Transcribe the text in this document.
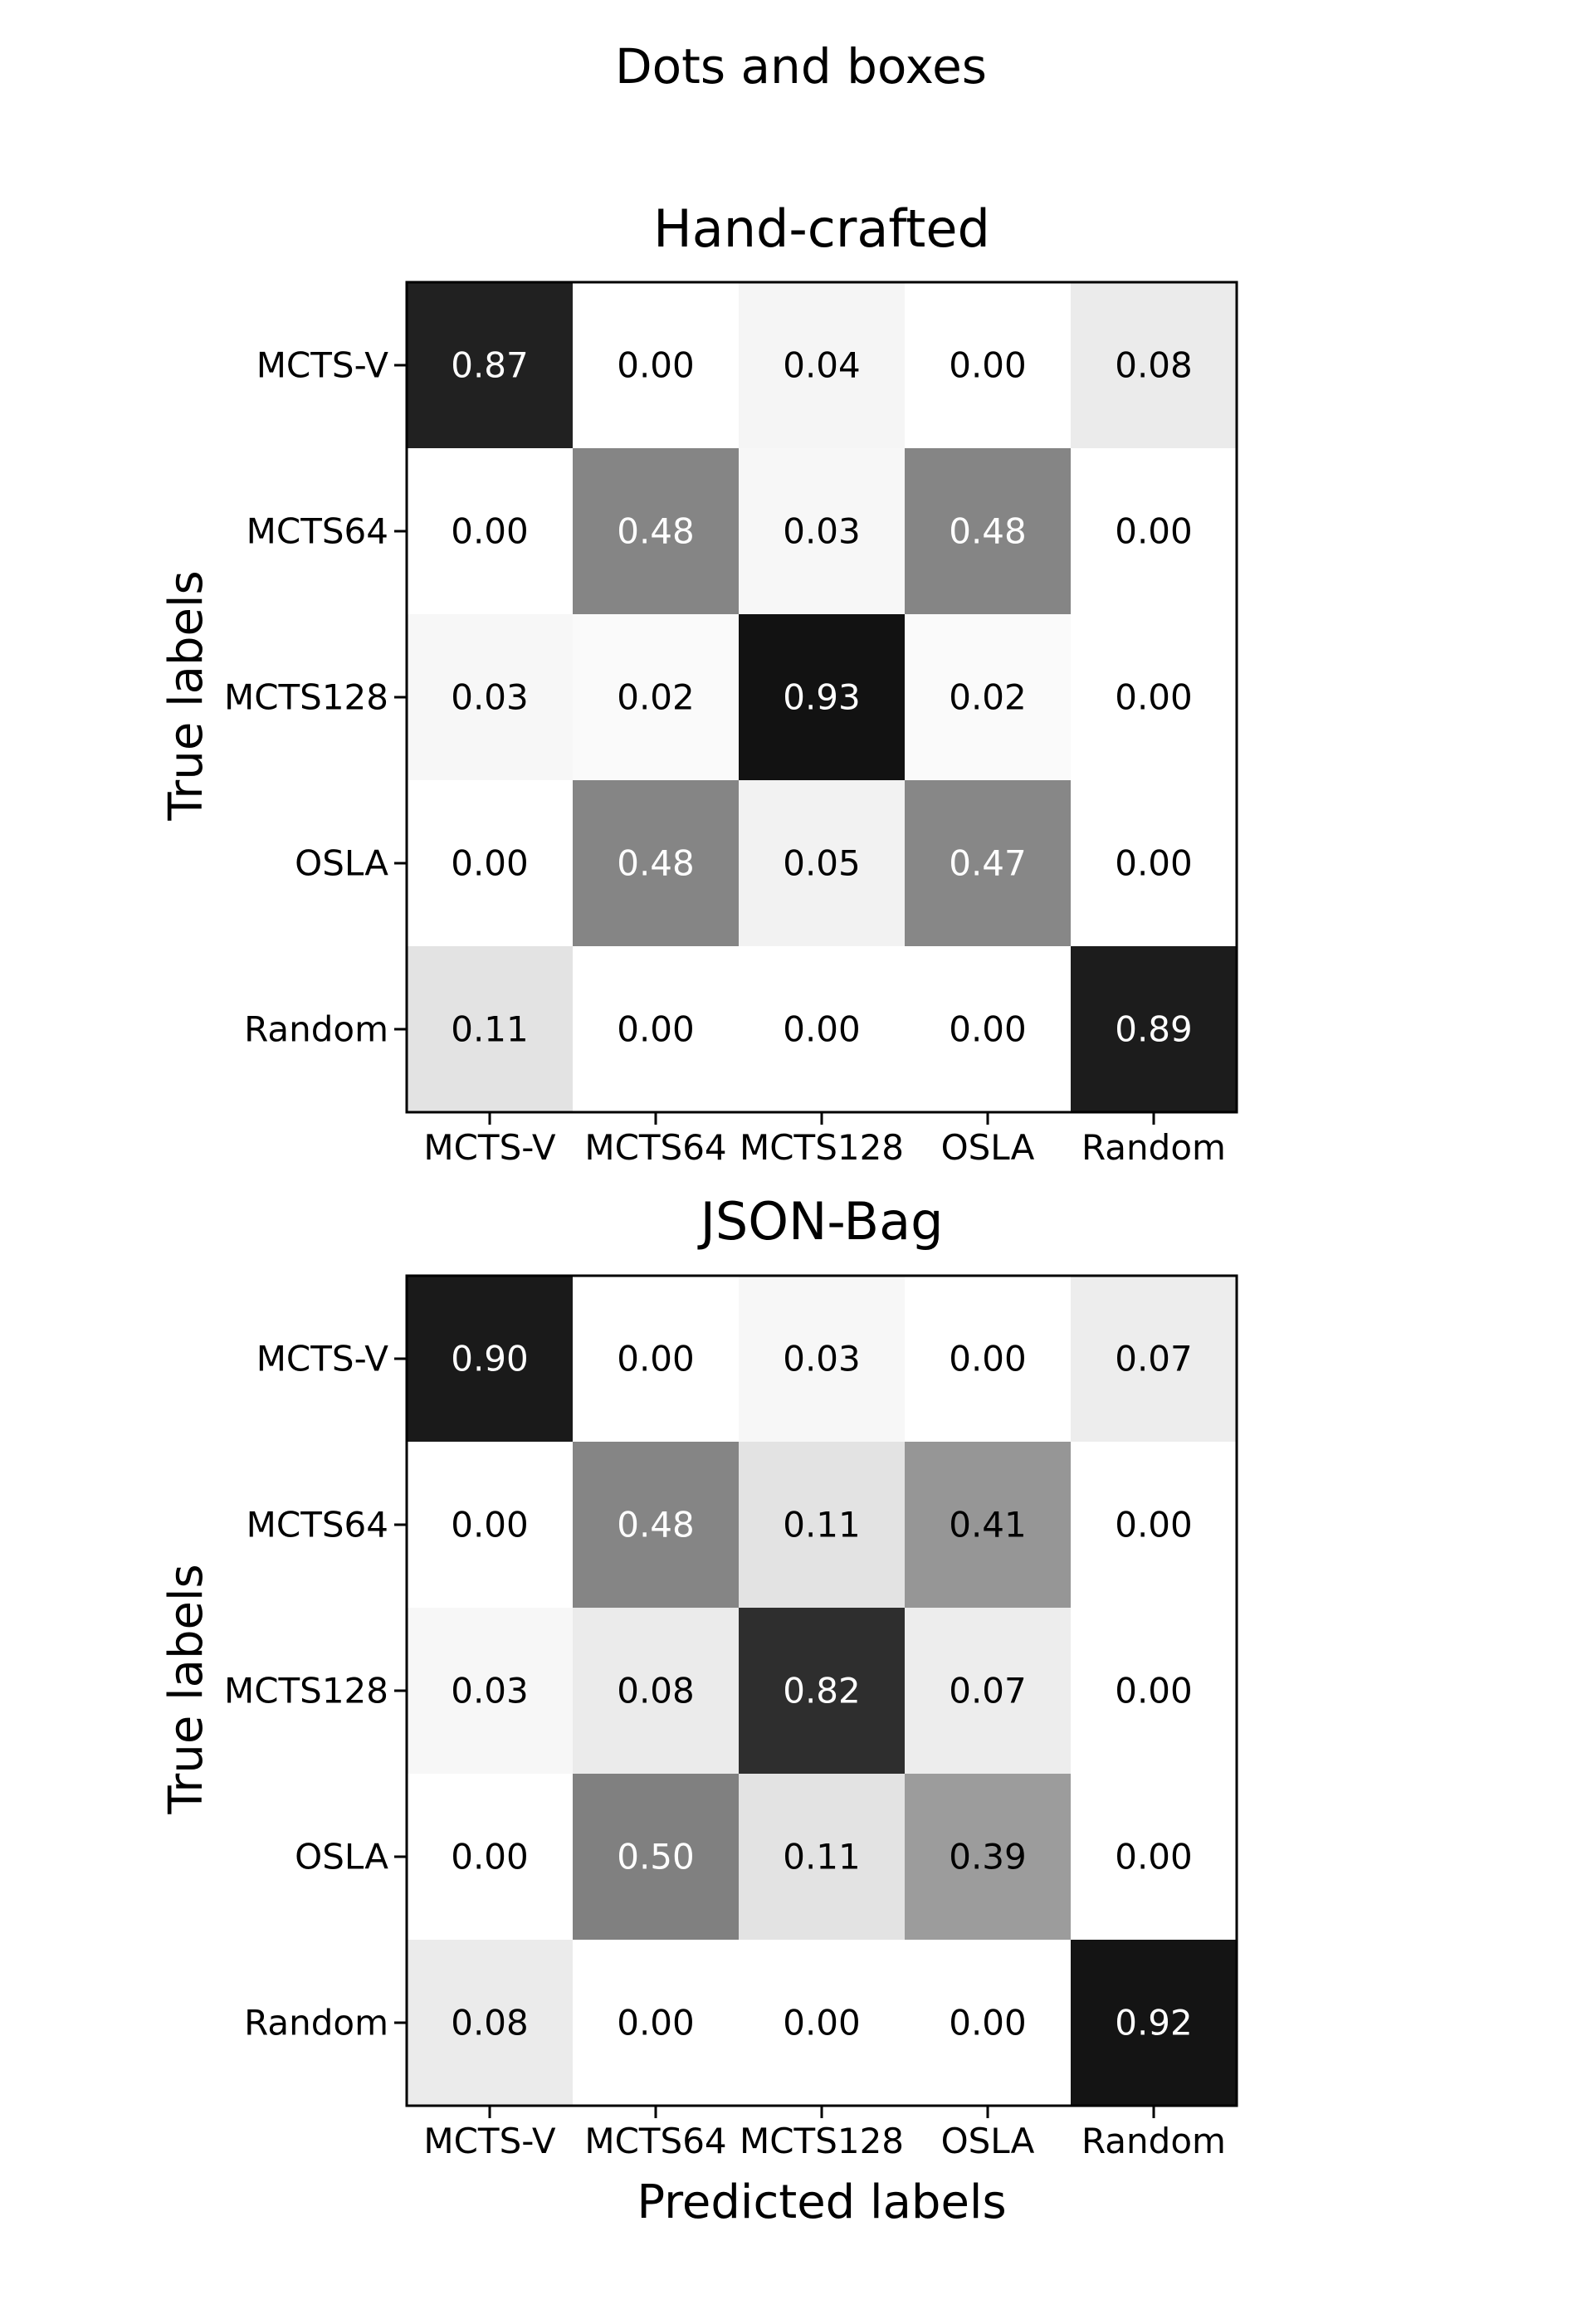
Dots and boxes
Hand-crafted
True labels
0.87	0.00	0.04	0.00	0.08
0.00	0.48	0.03	0.48	0.00
0.03	0.02	0.93	0.02	0.00
0.00	0.48	0.05	0.47	0.00
0.11	0.00	0.00	0.00	0.89
MCTS-V
MCTS64
MCTS128
OSLA
Random
MCTS-V MCTS64 MCTS128 OSLA Random
JSON-Bag
True labels
0.90	0.00	0.03	0.00	0.07
0.00	0.48	0.11	0.41	0.00
0.03	0.08	0.82	0.07	0.00
0.00	0.50	0.11	0.39	0.00
0.08	0.00	0.00	0.00	0.92
MCTS-V
MCTS64
MCTS128
OSLA
Random
MCTS-V MCTS64 MCTS128 OSLA Random
Predicted labels
